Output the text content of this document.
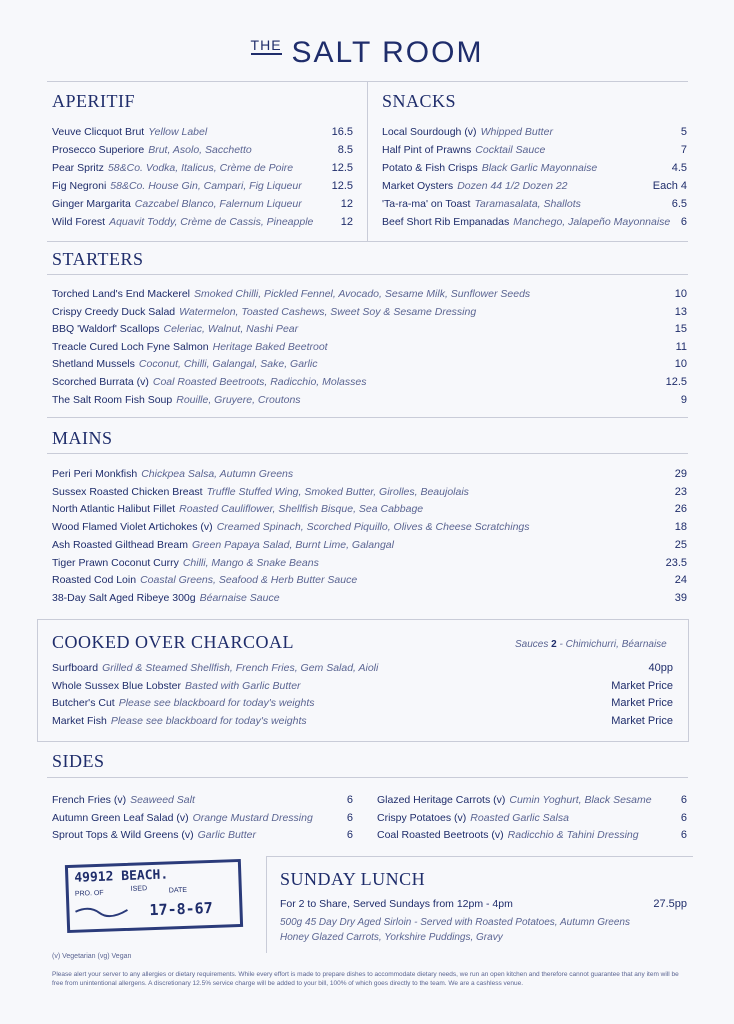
$^{THE}$ SALT ROOM
APERITIF
Veuve Clicquot Brut Yellow Label	16.5
Prosecco Superiore Brut, Asolo, Sacchetto	8.5
Pear Spritz 58&Co. Vodka, Italicus, Crème de Poire	12.5
Fig Negroni 58&Co. House Gin, Campari, Fig Liqueur	12.5
Ginger Margarita Cazcabel Blanco, Falernum Liqueur	12
Wild Forest Aquavit Toddy, Crème de Cassis, Pineapple	12
SNACKS
Local Sourdough (v) Whipped Butter	5
Half Pint of Prawns Cocktail Sauce	7
Potato & Fish Crisps Black Garlic Mayonnaise	4.5
Market Oysters Dozen 44 1/2 Dozen 22	Each 4
'Ta-ra-ma' on Toast Taramasalata, Shallots	6.5
Beef Short Rib Empanadas Manchego, Jalapeño Mayonnaise 6
STARTERS
Torched Land's End Mackerel Smoked Chilli, Pickled Fennel, Avocado, Sesame Milk, Sunflower Seeds	10
Crispy Creedy Duck Salad Watermelon, Toasted Cashews, Sweet Soy & Sesame Dressing	13
BBQ 'Waldorf' Scallops Celeriac, Walnut, Nashi Pear	15
Treacle Cured Loch Fyne Salmon Heritage Baked Beetroot	11
Shetland Mussels Coconut, Chilli, Galangal, Sake, Garlic	10
Scorched Burrata (v) Coal Roasted Beetroots, Radicchio, Molasses	12.5
The Salt Room Fish Soup Rouille, Gruyere, Croutons	9
MAINS
Peri Peri Monkfish Chickpea Salsa, Autumn Greens	29
Sussex Roasted Chicken Breast Truffle Stuffed Wing, Smoked Butter, Girolles, Beaujolais	23
North Atlantic Halibut Fillet Roasted Cauliflower, Shellfish Bisque, Sea Cabbage	26
Wood Flamed Violet Artichokes (v) Creamed Spinach, Scorched Piquillo, Olives & Cheese Scratchings	18
Ash Roasted Gilthead Bream Green Papaya Salad, Burnt Lime, Galangal	25
Tiger Prawn Coconut Curry Chilli, Mango & Snake Beans	23.5
Roasted Cod Loin Coastal Greens, Seafood & Herb Butter Sauce	24
38-Day Salt Aged Ribeye 300g Béarnaise Sauce	39
COOKED OVER CHARCOAL	Sauces 2 - Chimichurri, Béarnaise
Surfboard Grilled & Steamed Shellfish, French Fries, Gem Salad, Aioli	40pp
Whole Sussex Blue Lobster Basted with Garlic Butter	Market Price
Butcher's Cut Please see blackboard for today's weights	Market Price
Market Fish Please see blackboard for today's weights	Market Price
SIDES
French Fries (v) Seaweed Salt	6
Autumn Green Leaf Salad (v) Orange Mustard Dressing	6
Sprout Tops & Wild Greens (v) Garlic Butter	6
Glazed Heritage Carrots (v) Cumin Yoghurt, Black Sesame	6
Crispy Potatoes (v) Roasted Garlic Salsa	6
Coal Roasted Beetroots (v) Radicchio & Tahini Dressing	6
SUNDAY LUNCH
For 2 to Share, Served Sundays from 12pm - 4pm	27.5pp
500g 45 Day Dry Aged Sirloin - Served with Roasted Potatoes, Autumn Greens
Honey Glazed Carrots, Yorkshire Puddings, Gravy
49912 BEACH.
PRO. OF
ISED	DATE
17-8-67
(v) Vegetarian (vg) Vegan
Please alert your server to any allergies or dietary requirements. While every effort is made to prepare dishes to accommodate dietary needs, we run an open kitchen and therefore cannot guarantee that any item will be free from unintentional allergens. A discretionary 12.5% service charge will be added to your bill, 100% of which goes directly to the team. We are a cashless venue.
